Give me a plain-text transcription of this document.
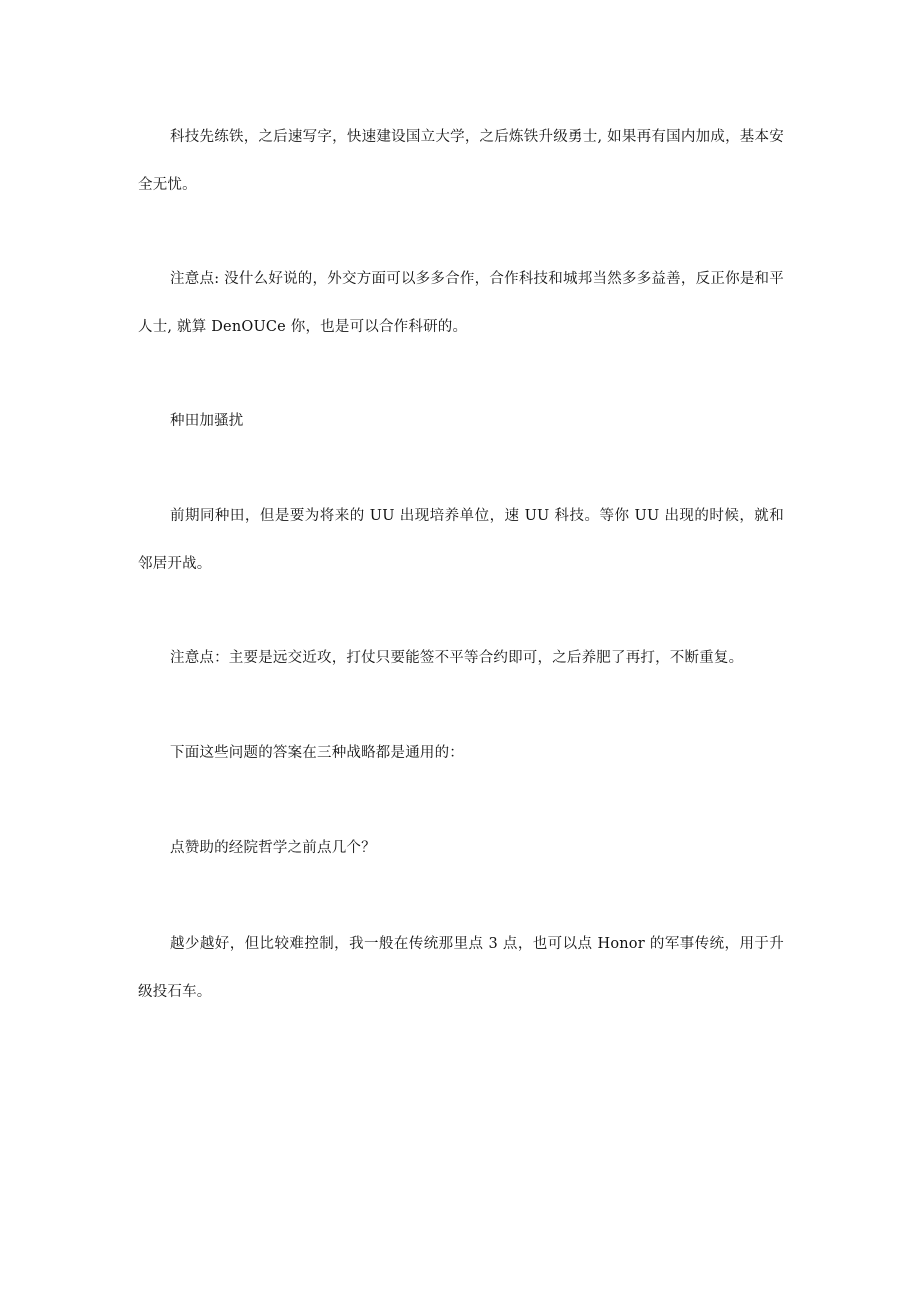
科技先练铁，之后速写字，快速建设国立大学，之后炼铁升级勇士, 如果再有国内加成，基本安全无忧。

注意点: 没什么好说的，外交方面可以多多合作，合作科技和城邦当然多多益善，反正你是和平人士, 就算 DenOUCe 你，也是可以合作科研的。

种田加骚扰

前期同种田，但是要为将来的 UU 出现培养单位，速 UU 科技。等你 UU 出现的时候，就和邻居开战。

注意点：主要是远交近攻，打仗只要能签不平等合约即可，之后养肥了再打，不断重复。

下面这些问题的答案在三种战略都是通用的：

点赞助的经院哲学之前点几个？

越少越好，但比较难控制，我一般在传统那里点 3 点，也可以点 Honor 的军事传统，用于升级投石车。
